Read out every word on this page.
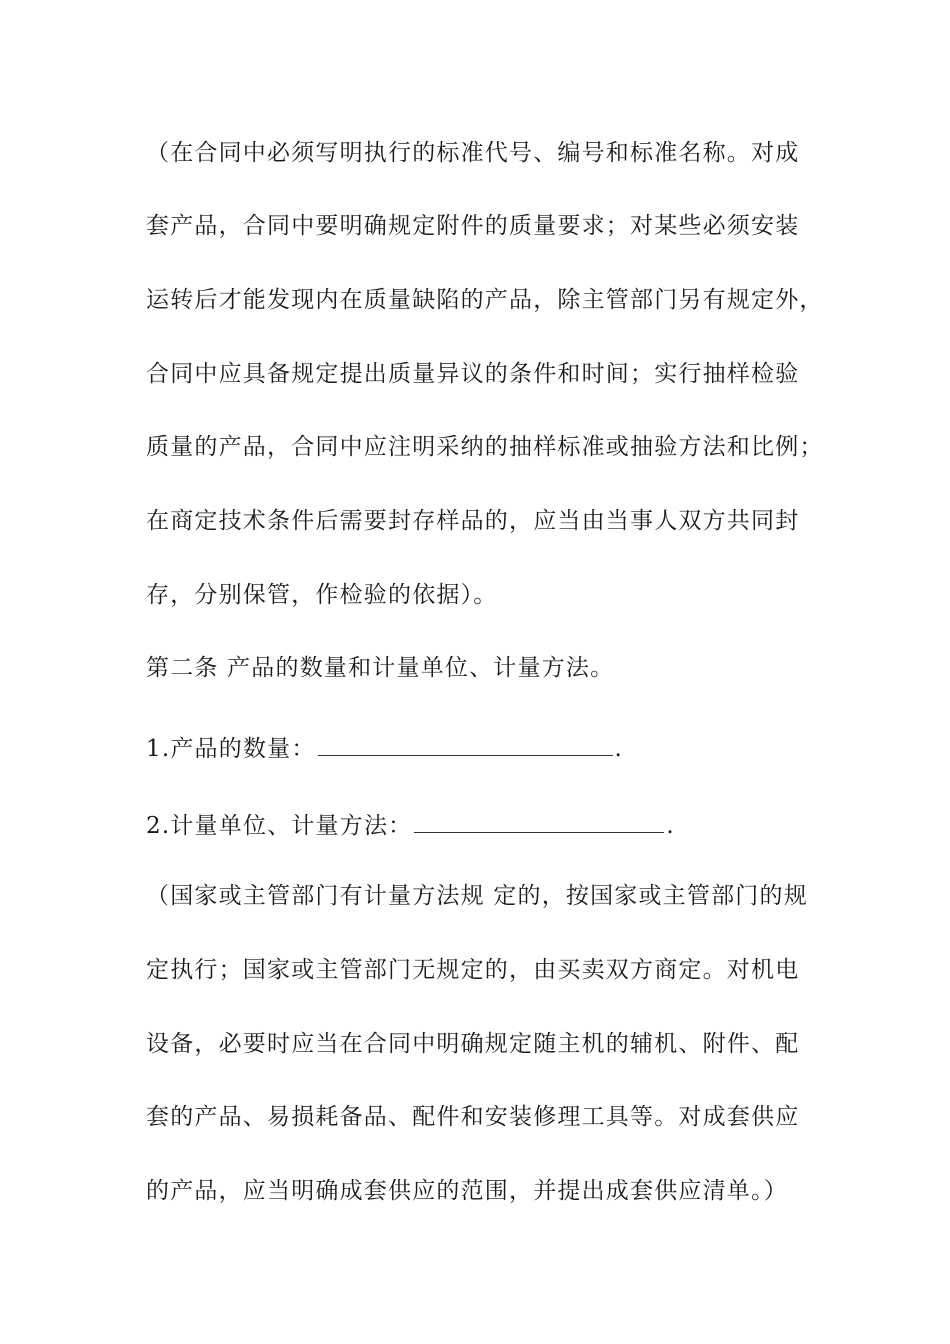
（在合同中必须写明执行的标准代号、编号和标准名称。对成
套产品，合同中要明确规定附件的质量要求；对某些必须安装
运转后才能发现内在质量缺陷的产品，除主管部门另有规定外，
合同中应具备规定提出质量异议的条件和时间；实行抽样检验
质量的产品，合同中应注明采纳的抽样标准或抽验方法和比例；
在商定技术条件后需要封存样品的，应当由当事人双方共同封
存，分别保管，作检验的依据）。
第二条 产品的数量和计量单位、计量方法。
1.产品的数量：	.
2.计量单位、计量方法：	.
（国家或主管部门有计量方法规 定的，按国家或主管部门的规
定执行；国家或主管部门无规定的，由买卖双方商定。对机电
设备，必要时应当在合同中明确规定随主机的辅机、附件、配
套的产品、易损耗备品、配件和安装修理工具等。对成套供应
的产品，应当明确成套供应的范围，并提出成套供应清单。）
